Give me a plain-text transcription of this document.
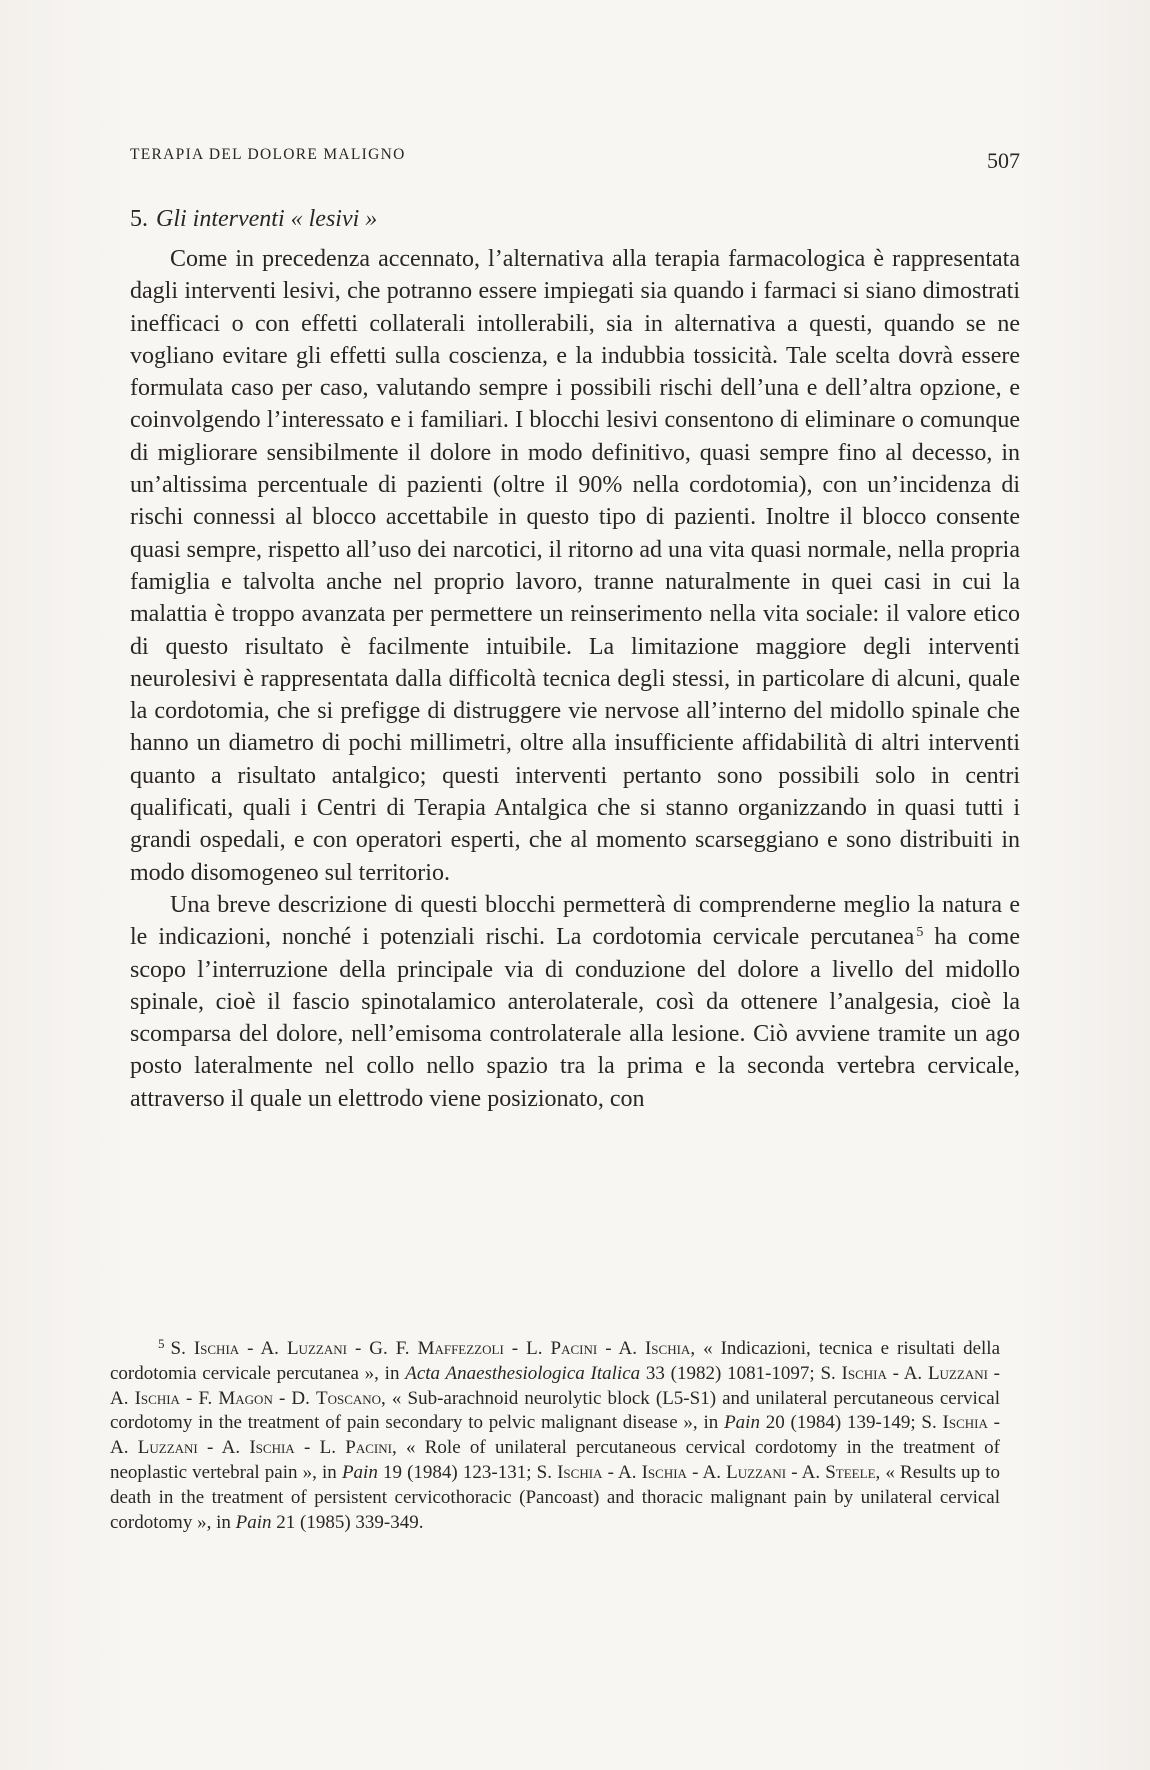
TERAPIA DEL DOLORE MALIGNO	507
5. Gli interventi « lesivi »

Come in precedenza accennato, l’alternativa alla terapia farmacologica è rappresentata dagli interventi lesivi, che potranno essere impiegati sia quando i farmaci si siano dimostrati inefficaci o con effetti collaterali intollerabili, sia in alternativa a questi, quando se ne vogliano evitare gli effetti sulla coscienza, e la indubbia tossicità. Tale scelta dovrà essere formulata caso per caso, valutando sempre i possibili rischi dell’una e dell’altra opzione, e coinvolgendo l’interessato e i familiari. I blocchi lesivi consentono di eliminare o comunque di migliorare sensibilmente il dolore in modo definitivo, quasi sempre fino al decesso, in un’altissima percentuale di pazienti (oltre il 90% nella cordotomia), con un’incidenza di rischi connessi al blocco accettabile in questo tipo di pazienti. Inoltre il blocco consente quasi sempre, rispetto all’uso dei narcotici, il ritorno ad una vita quasi normale, nella propria famiglia e talvolta anche nel proprio lavoro, tranne naturalmente in quei casi in cui la malattia è troppo avanzata per permettere un reinserimento nella vita sociale: il valore etico di questo risultato è facilmente intuibile. La limitazione maggiore degli interventi neurolesivi è rappresentata dalla difficoltà tecnica degli stessi, in particolare di alcuni, quale la cordotomia, che si prefigge di distruggere vie nervose all’interno del midollo spinale che hanno un diametro di pochi millimetri, oltre alla insufficiente affidabilità di altri interventi quanto a risultato antalgico; questi interventi pertanto sono possibili solo in centri qualificati, quali i Centri di Terapia Antalgica che si stanno organizzando in quasi tutti i grandi ospedali, e con operatori esperti, che al momento scarseggiano e sono distribuiti in modo disomogeneo sul territorio.

Una breve descrizione di questi blocchi permetterà di comprenderne meglio la natura e le indicazioni, nonché i potenziali rischi. La cordotomia cervicale percutanea  $^5$ ha come scopo l’interruzione della principale via di conduzione del dolore a livello del midollo spinale, cioè il fascio spinotalamico anterolaterale, così da ottenere l’analgesia, cioè la scomparsa del dolore, nell’emisoma controlaterale alla lesione. Ciò avviene tramite un ago posto lateralmente nel collo nello spazio tra la prima e la seconda vertebra cervicale, attraverso il quale un elettrodo viene posizionato, con

$^5$ S. Ischia - A. Luzzani - G. F. Maffezzoli - L. Pacini - A. Ischia, « Indicazioni, tecnica e risultati della cordotomia cervicale percutanea », in Acta Anaesthesiologica Italica 33 (1982) 1081-1097; S. Ischia - A. Luzzani - A. Ischia - F. Magon - D. Toscano, « Sub-arachnoid neurolytic block (L5-S1) and unilateral percutaneous cervical cordotomy in the treatment of pain secondary to pelvic malignant disease », in Pain 20 (1984) 139-149; S. Ischia - A. Luzzani - A. Ischia - L. Pacini, « Role of unilateral percutaneous cervical cordotomy in the treatment of neoplastic vertebral pain », in Pain 19 (1984) 123-131; S. Ischia - A. Ischia - A. Luzzani - A. Steele, « Results up to death in the treatment of persistent cervicothoracic (Pancoast) and thoracic malignant pain by unilateral cervical cordotomy », in Pain 21 (1985) 339-349.
